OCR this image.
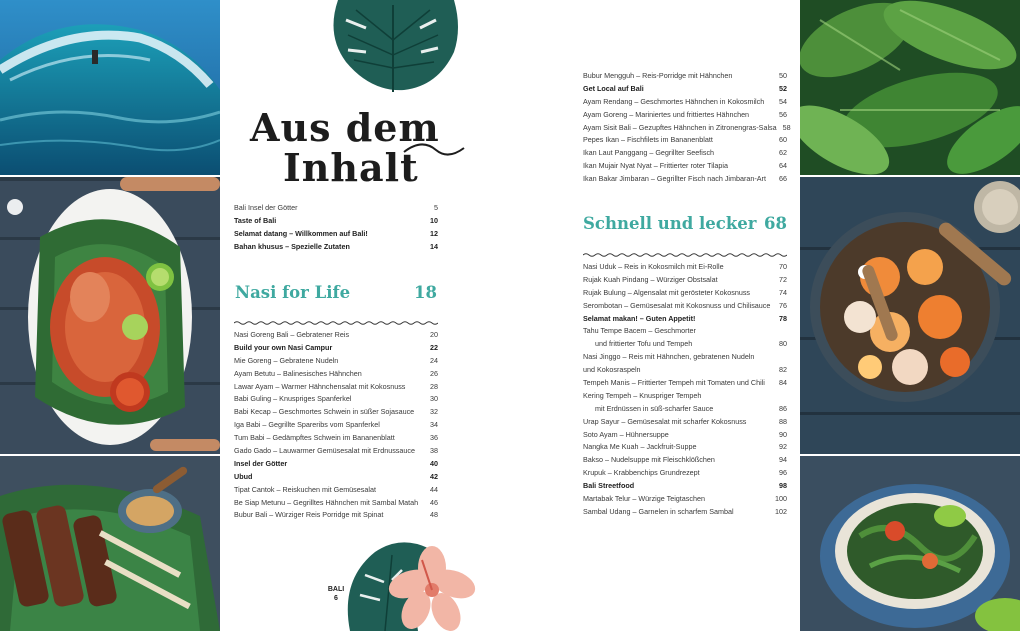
Aus dem
Inhalt
Bali Insel der Götter	5
Taste of Bali	10
Selamat datang – Willkommen auf Bali!	12
Bahan khusus – Spezielle Zutaten	14
Nasi for Life	18
Nasi Goreng Bali – Gebratener Reis	20
Build your own Nasi Campur	22
Mie Goreng – Gebratene Nudeln	24
Ayam Betutu – Balinesisches Hähnchen	26
Lawar Ayam – Warmer Hähnchensalat mit Kokosnuss	28
Babi Guling – Knuspriges Spanferkel	30
Babi Kecap – Geschmortes Schwein in süßer Sojasauce	32
Iga Babi – Gegrillte Spareribs vom Spanferkel	34
Tum Babi – Gedämpftes Schwein im Bananenblatt	36
Gado Gado – Lauwarmer Gemüsesalat mit Erdnussauce	38
Insel der Götter	40
Ubud	42
Tipat Cantok – Reiskuchen mit Gemüsesalat	44
Be Siap Metunu – Gegrilltes Hähnchen mit Sambal Matah	46
Bubur Bali – Würziger Reis Porridge mit Spinat	48
BALI
6
Bubur Mengguh – Reis-Porridge mit Hähnchen	50
Get Local auf Bali	52
Ayam Rendang – Geschmortes Hähnchen in Kokosmilch	54
Ayam Goreng – Mariniertes und frittiertes Hähnchen	56
Ayam Sisit Bali – Gezupftes Hähnchen in Zitronengras-Salsa 58
Pepes Ikan – Fischfilets im Bananenblatt	60
Ikan Laut Panggang – Gegrillter Seefisch	62
Ikan Mujair Nyat Nyat – Frittierter roter Tilapia	64
Ikan Bakar Jimbaran – Gegrillter Fisch nach Jimbaran-Art	66
Schnell und lecker 68
Nasi Uduk – Reis in Kokosmilch mit Ei-Rolle	70
Rujak Kuah Pindang – Würziger Obstsalat	72
Rujak Bulung – Algensalat mit gerösteter Kokosnuss	74
Serombotan – Gemüsesalat mit Kokosnuss und Chilisauce	76
Selamat makan! – Guten Appetit!	78
Tahu Tempe Bacem – Geschmorter
und frittierter Tofu und Tempeh	80
Nasi Jinggo – Reis mit Hähnchen, gebratenen Nudeln
und Kokosraspeln	82
Tempeh Manis – Frittierter Tempeh mit Tomaten und Chili	84
Kering Tempeh – Knuspriger Tempeh
mit Erdnüssen in süß-scharfer Sauce	86
Urap Sayur – Gemüsesalat mit scharfer Kokosnuss	88
Soto Ayam – Hühnersuppe	90
Nangka Me Kuah – Jackfruit-Suppe	92
Bakso – Nudelsuppe mit Fleischklößchen	94
Krupuk – Krabbenchips Grundrezept	96
Bali Streetfood	98
Martabak Telur – Würzige Teigtaschen	100
Sambal Udang – Garnelen in scharfem Sambal	102
